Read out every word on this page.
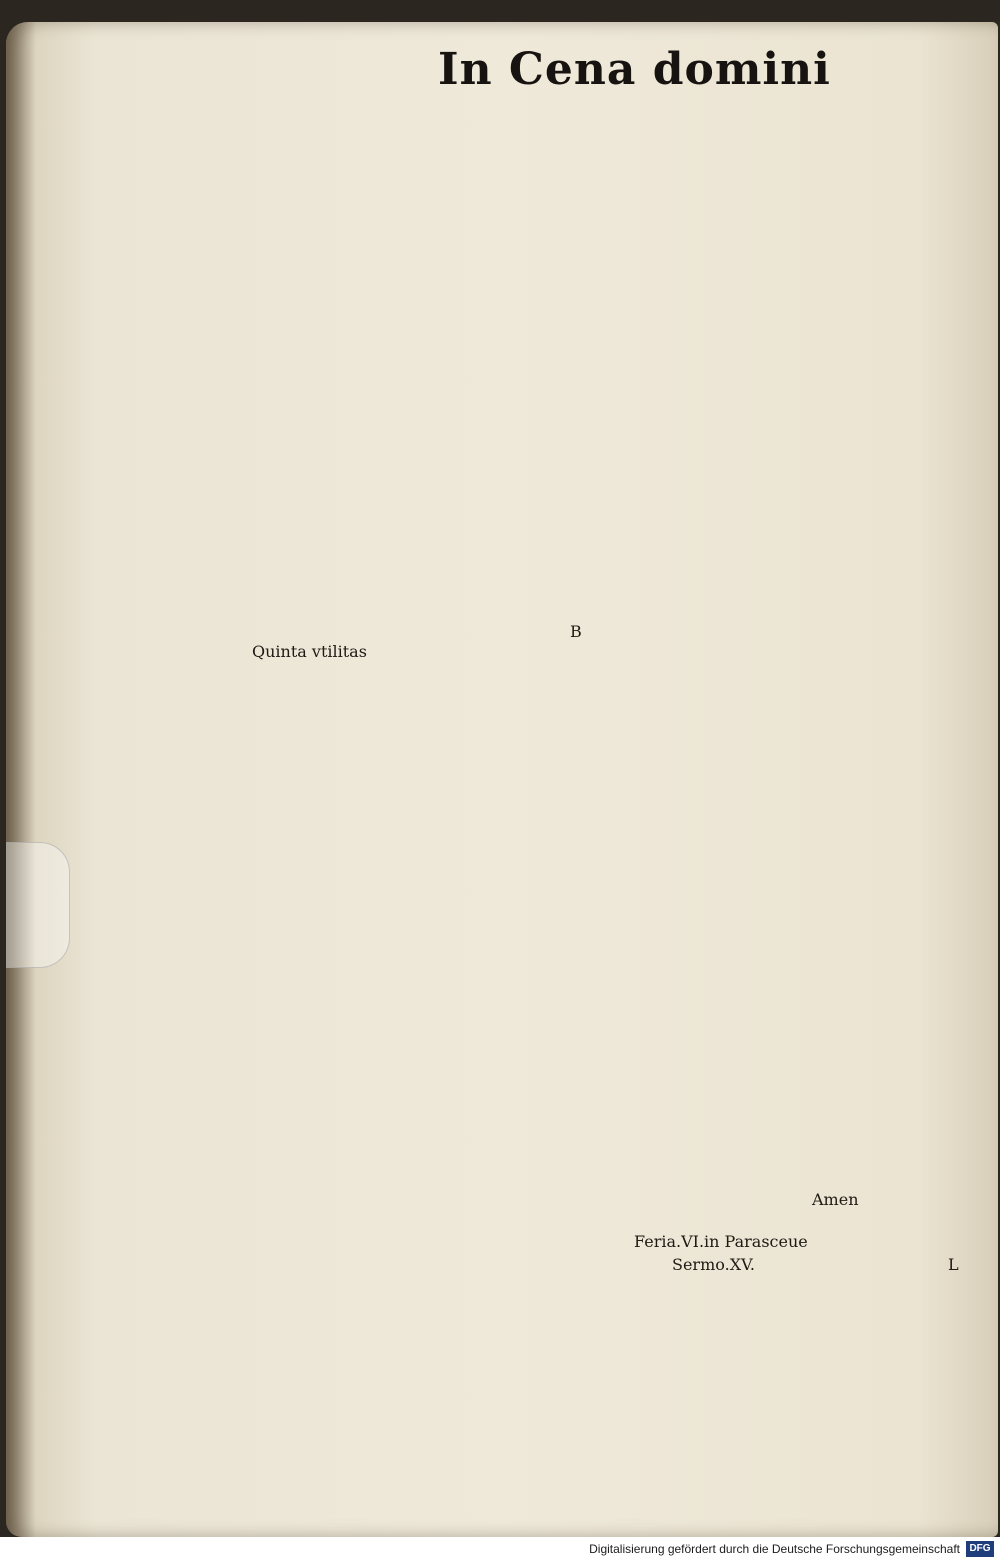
In Cena domini
Quinta vtilitas
B
Amen
Feria.VI.in Parasceue
Sermo.XV.	L
Digitalisierung gefördert durch die Deutsche Forschungsgemeinschaft DFG
